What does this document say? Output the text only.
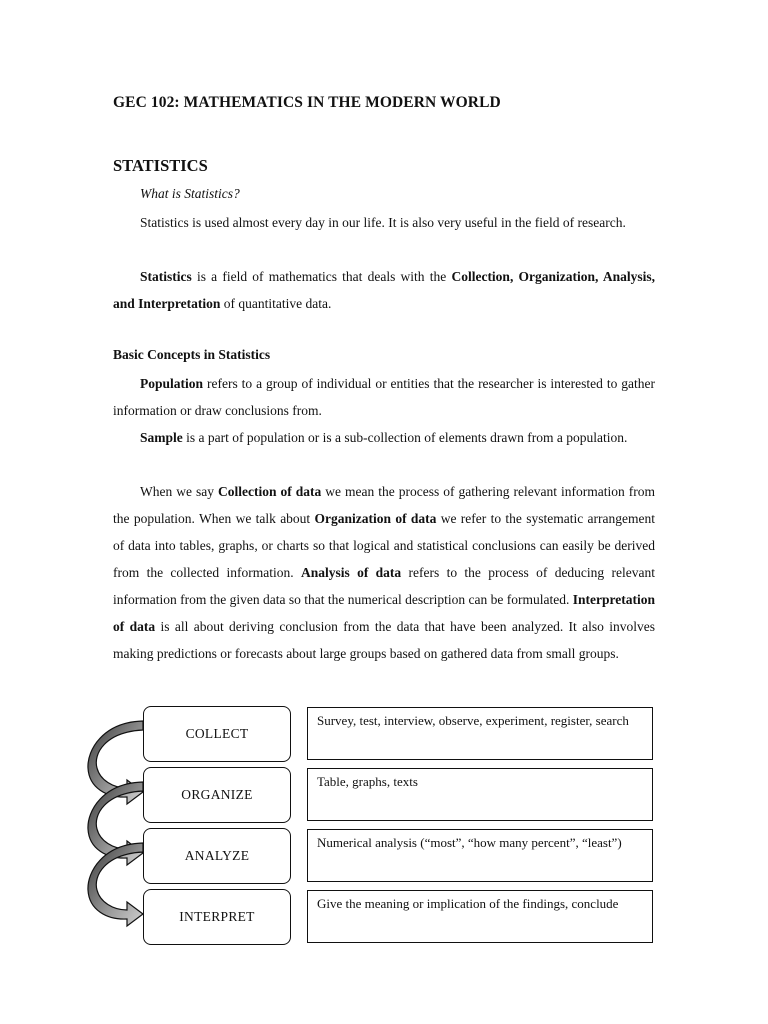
GEC 102: MATHEMATICS IN THE MODERN WORLD
STATISTICS
What is Statistics?

Statistics is used almost every day in our life. It is also very useful in the field of research.

Statistics is a field of mathematics that deals with the Collection, Organization, Analysis, and Interpretation of quantitative data.

Basic Concepts in Statistics

Population refers to a group of individual or entities that the researcher is interested to gather information or draw conclusions from.

Sample is a part of population or is a sub-collection of elements drawn from a population.

When we say Collection of data we mean the process of gathering relevant information from the population. When we talk about Organization of data we refer to the systematic arrangement of data into tables, graphs, or charts so that logical and statistical conclusions can easily be derived from the collected information. Analysis of data refers to the process of deducing relevant information from the given data so that the numerical description can be formulated. Interpretation of data is all about deriving conclusion from the data that have been analyzed. It also involves making predictions or forecasts about large groups based on gathered data from small groups.

COLLECT
Survey, test, interview, observe, experiment, register, search
ORGANIZE
Table, graphs, texts
ANALYZE
Numerical analysis (“most”, “how many percent”, “least”)
INTERPRET
Give the meaning or implication of the findings, conclude
